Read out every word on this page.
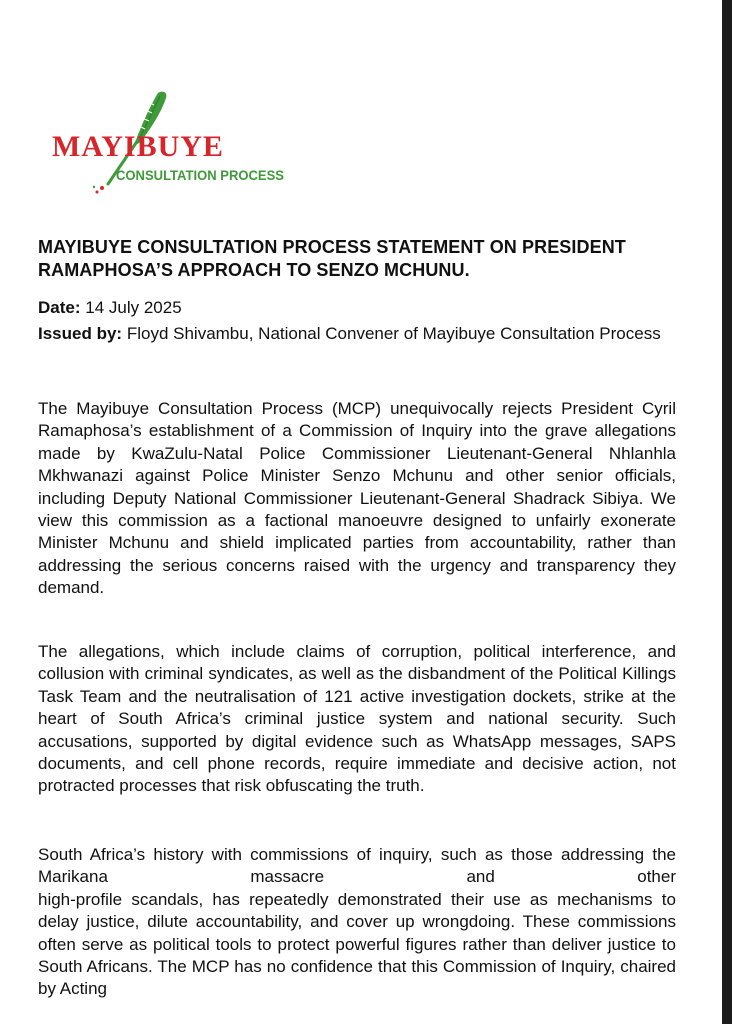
MAYIBUYE
CONSULTATION PROCESS
MAYIBUYE CONSULTATION PROCESS STATEMENT ON PRESIDENT
RAMAPHOSA’S APPROACH TO SENZO MCHUNU.

Date: 14 July 2025

Issued by: Floyd Shivambu, National Convener of Mayibuye Consultation Process

The Mayibuye Consultation Process (MCP) unequivocally rejects President Cyril Ramaphosa’s establishment of a Commission of Inquiry into the grave allegations made by KwaZulu-Natal Police Commissioner Lieutenant-General Nhlanhla Mkhwanazi against Police Minister Senzo Mchunu and other senior officials, including Deputy National Commissioner Lieutenant-General Shadrack Sibiya. We view this commission as a factional manoeuvre designed to unfairly exonerate Minister Mchunu and shield implicated parties from accountability, rather than addressing the serious concerns raised with the urgency and transparency they demand.

The allegations, which include claims of corruption, political interference, and collusion with criminal syndicates, as well as the disbandment of the Political Killings Task Team and the neutralisation of 121 active investigation dockets, strike at the heart of South Africa’s criminal justice system and national security. Such accusations, supported by digital evidence such as WhatsApp messages, SAPS documents, and cell phone records, require immediate and decisive action, not protracted processes that risk obfuscating the truth.

South Africa’s history with commissions of inquiry, such as those addressing the Marikana massacre and other
high-profile scandals, has repeatedly demonstrated their use as mechanisms to delay justice, dilute accountability, and cover up wrongdoing. These commissions often serve as political tools to protect powerful figures rather than deliver justice to South Africans. The MCP has no confidence that this Commission of Inquiry, chaired by Acting
